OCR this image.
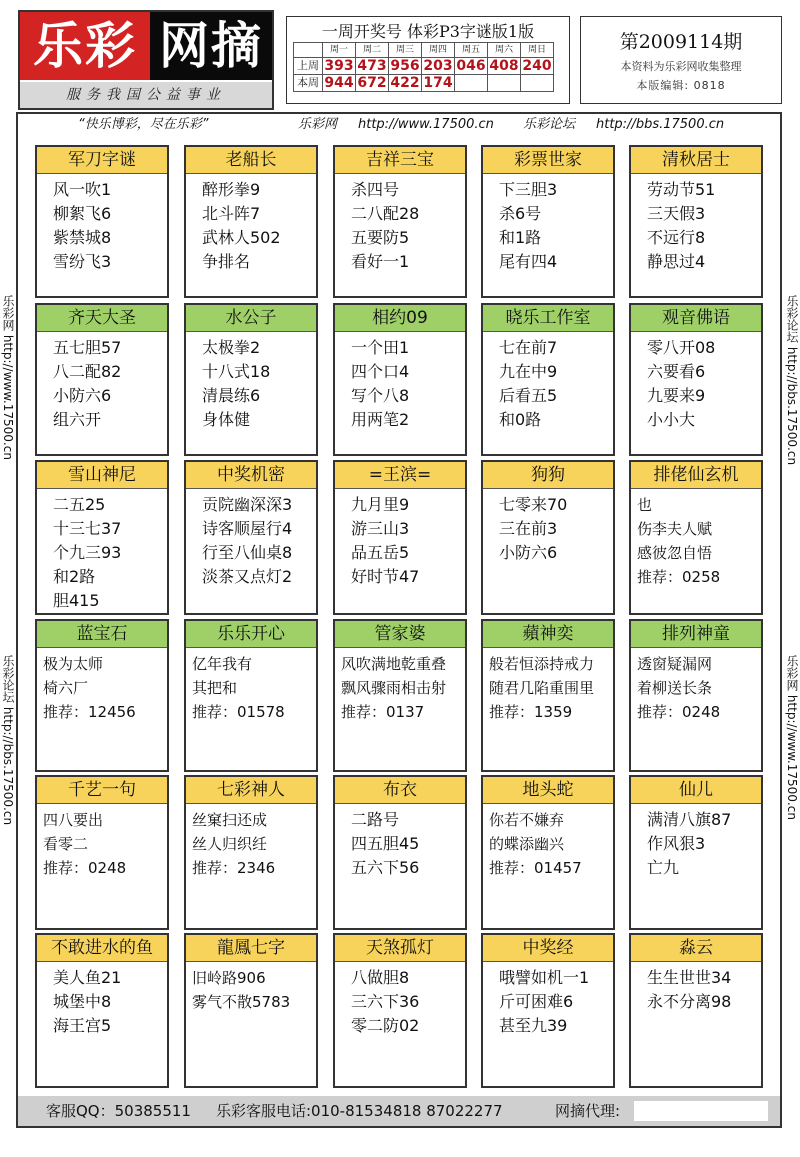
乐彩 网摘
服务我国公益事业
一周开奖号 体彩P3字谜版1版
	周一	周二	周三	周四	周五	周六	周日
上周	393	473	956	203	046	408	240
本周	944	672	422	174			
第2009114期
本资料为乐彩网收集整理
本版编辑: 0818
乐彩网 http://www.17500.cn
乐彩论坛 http://bbs.17500.cn
乐彩论坛 http://bbs.17500.cn
乐彩网 http://www.17500.cn
“快乐博彩，尽在乐彩”	乐彩网 http://www.17500.cn 乐彩论坛 http://bbs.17500.cn
客服QQ：50385511 乐彩客服电话:010-81534818 87022277	网摘代理:
军刀字谜
风一吹1
柳絮飞6
紫禁城8
雪纷飞3
老船长
醉形拳9
北斗阵7
武林人502
争排名
吉祥三宝
杀四号
二八配28
五要防5
看好一1
彩票世家
下三胆3
杀6号
和1路
尾有四4
清秋居士
劳动节51
三天假3
不远行8
静思过4
齐天大圣
五七胆57
八二配82
小防六6
组六开
水公子
太极拳2
十八式18
清晨练6
身体健
相约09
一个田1
四个口4
写个八8
用两笔2
晓乐工作室
七在前7
九在中9
后看五5
和0路
观音佛语
零八开08
六要看6
九要来9
小小大
雪山神尼
二五25
十三七37
个九三93
和2路
胆415
中奖机密
贡院幽深深3
诗客顺屋行4
行至八仙桌8
淡茶又点灯2
=王滨=
九月里9
游三山3
品五岳5
好时节47
狗狗
七零来70
三在前3
小防六6
排佬仙玄机
也
伤李夫人赋
感彼忽自悟
推荐：0258
蓝宝石
极为太师
椅六厂
推荐：12456
乐乐开心
亿年我有
其把和
推荐：01578
管家婆
风吹满地乾重叠
飘风骤雨相击射
推荐：0137
蘋神奕
般若恒添持戒力
随君几陷重围里
推荐：1359
排列神童
透窗疑漏网
着柳送长条
推荐：0248
千艺一句
四八要出
看零二
推荐：0248
七彩神人
丝窠扫还成
丝人归织纴
推荐：2346
布衣
二路号
四五胆45
五六下56
地头蛇
你若不嫌弃
的蝶添幽兴
推荐：01457
仙儿
满清八旗87
作风狠3
亡九
不敢进水的鱼
美人鱼21
城堡中8
海王宫5
龍鳳七字
旧岭路906
雾气不散5783
天煞孤灯
八做胆8
三六下36
零二防02
中奖经
哦譬如机一1
斤可困难6
甚至九39
淼云
生生世世34
永不分离98
